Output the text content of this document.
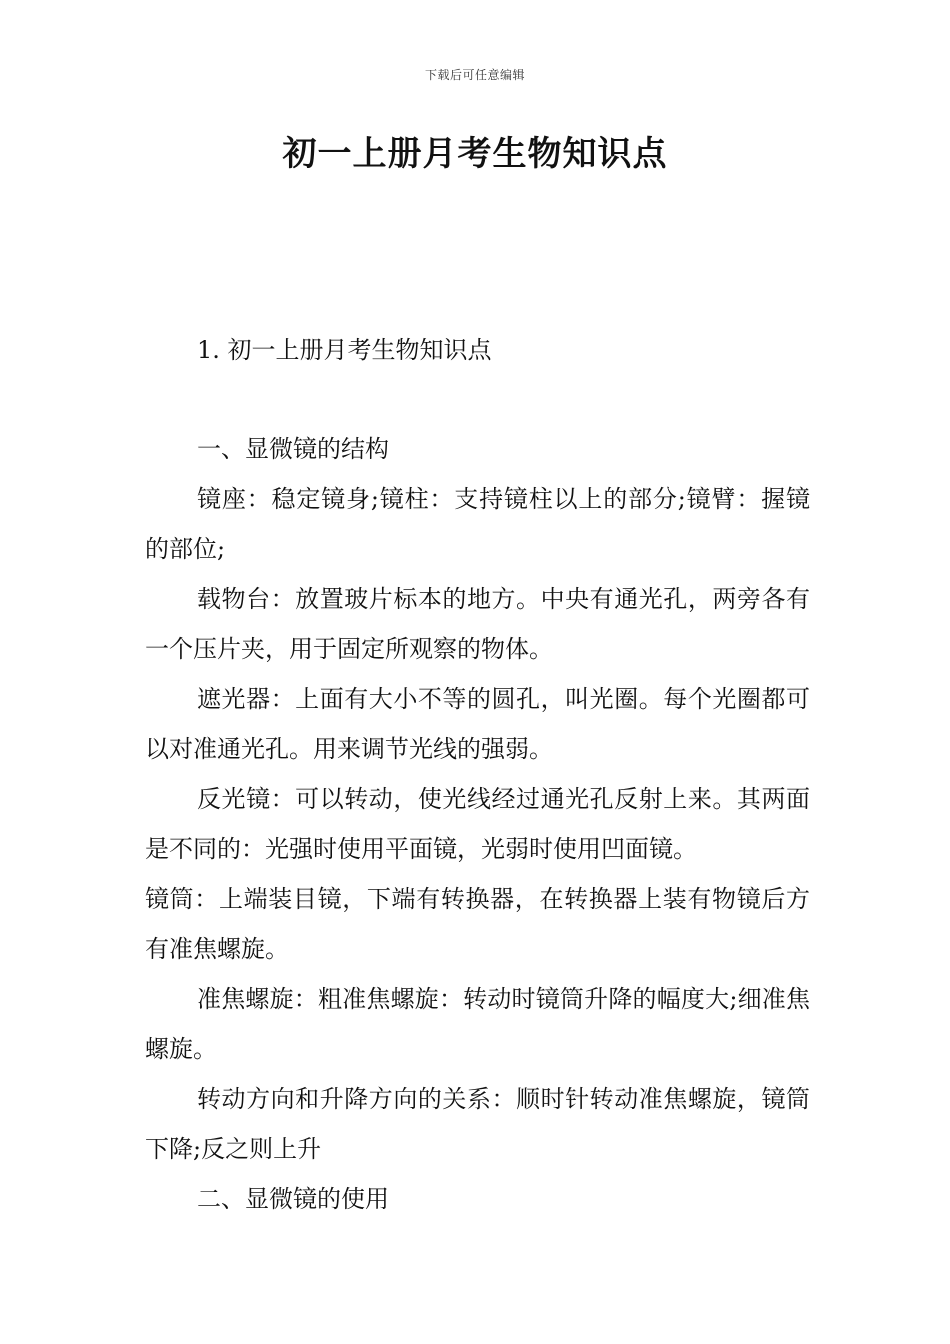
下载后可任意编辑
初一上册月考生物知识点
1. 初一上册月考生物知识点

一、显微镜的结构

镜座：稳定镜身;镜柱：支持镜柱以上的部分;镜臂：握镜的部位;

载物台：放置玻片标本的地方。中央有通光孔，两旁各有一个压片夹，用于固定所观察的物体。

遮光器：上面有大小不等的圆孔，叫光圈。每个光圈都可以对准通光孔。用来调节光线的强弱。

反光镜：可以转动，使光线经过通光孔反射上来。其两面是不同的：光强时使用平面镜，光弱时使用凹面镜。

镜筒：上端装目镜，下端有转换器，在转换器上装有物镜后方有准焦螺旋。

准焦螺旋：粗准焦螺旋：转动时镜筒升降的幅度大;细准焦螺旋。

转动方向和升降方向的关系：顺时针转动准焦螺旋，镜筒下降;反之则上升

二、显微镜的使用
